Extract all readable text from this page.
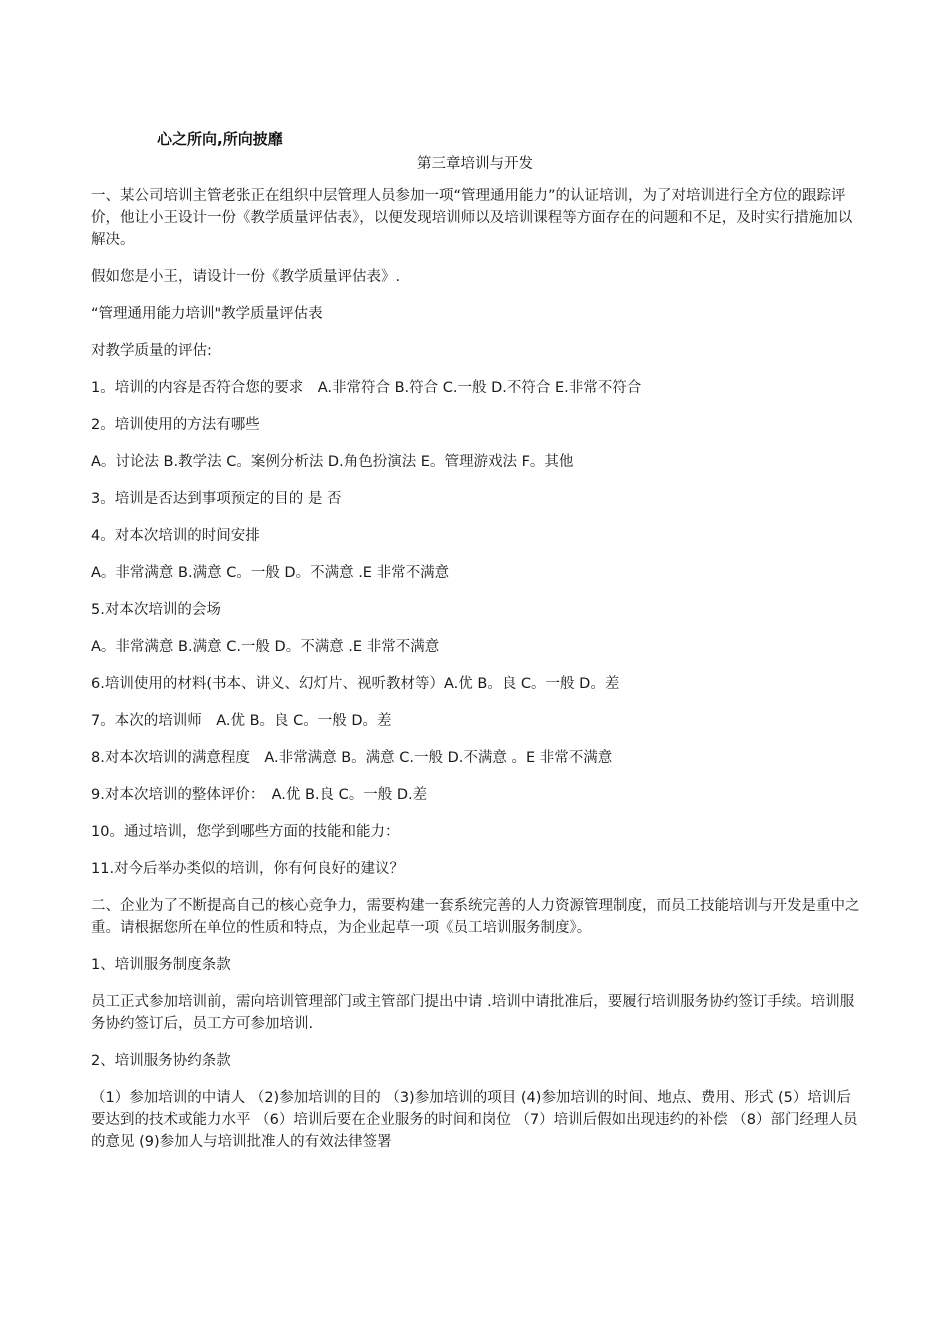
心之所向,所向披靡
第三章培训与开发

一、某公司培训主管老张正在组织中层管理人员参加一项“管理通用能力”的认证培训，为了对培训进行全方位的跟踪评价，他让小王设计一份《教学质量评估表》，以便发现培训师以及培训课程等方面存在的问题和不足，及时实行措施加以解决。

假如您是小王，请设计一份《教学质量评估表》.

“管理通用能力培训"教学质量评估表

对教学质量的评估:

1。培训的内容是否符合您的要求　A.非常符合 B.符合 C.一般 D.不符合 E.非常不符合

2。培训使用的方法有哪些

A。讨论法 B.教学法 C。案例分析法 D.角色扮演法 E。管理游戏法 F。其他

3。培训是否达到事项预定的目的 是 否

4。对本次培训的时间安排

A。非常满意 B.满意 C。一般 D。不满意 .E 非常不满意

5.对本次培训的会场

A。非常满意 B.满意 C.一般 D。不满意 .E 非常不满意

6.培训使用的材料(书本、讲义、幻灯片、视听教材等）A.优 B。良 C。一般 D。差

7。本次的培训师　A.优 B。良 C。一般 D。差

8.对本次培训的满意程度　A.非常满意 B。满意 C.一般 D.不满意 。E 非常不满意

9.对本次培训的整体评价：　A.优 B.良 C。一般 D.差

10。通过培训，您学到哪些方面的技能和能力：

11.对今后举办类似的培训，你有何良好的建议？

二、企业为了不断提高自己的核心竞争力，需要构建一套系统完善的人力资源管理制度，而员工技能培训与开发是重中之重。请根据您所在单位的性质和特点，为企业起草一项《员工培训服务制度》。

1、培训服务制度条款

员工正式参加培训前，需向培训管理部门或主管部门提出中请 .培训中请批准后，要履行培训服务协约签订手续。培训服务协约签订后，员工方可参加培训.

2、培训服务协约条款

（1）参加培训的中请人 （2)参加培训的目的 （3)参加培训的项目 (4)参加培训的时间、地点、费用、形式 (5）培训后要达到的技术或能力水平 （6）培训后要在企业服务的时间和岗位 （7）培训后假如出现违约的补偿 （8）部门经理人员的意见 (9)参加人与培训批准人的有效法律签署
